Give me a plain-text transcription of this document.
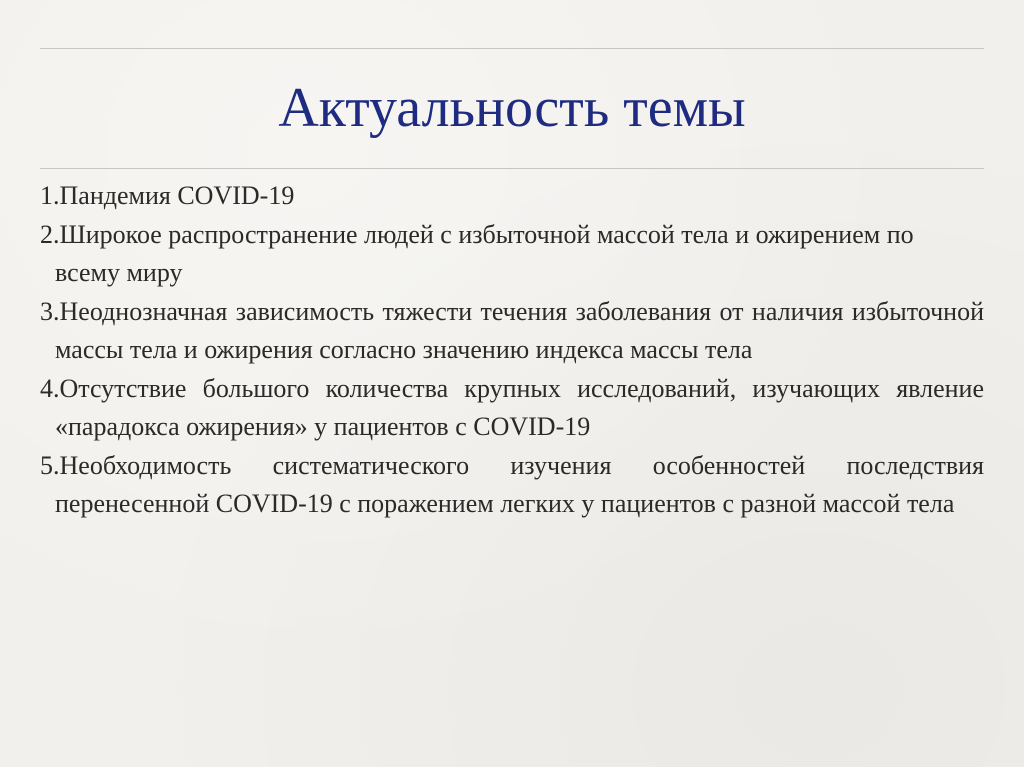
Актуальность темы
1.Пандемия COVID-19
2.Широкое распространение людей с избыточной массой тела и ожирением по всему миру
3.Неоднозначная зависимость тяжести течения заболевания от наличия избыточной массы тела и ожирения согласно значению индекса массы тела
4.Отсутствие большого количества крупных исследований, изучающих явление «парадокса ожирения» у пациентов с COVID-19
5.Необходимость систематического изучения особенностей последствия перенесенной COVID-19 с поражением легких у пациентов с разной массой тела
